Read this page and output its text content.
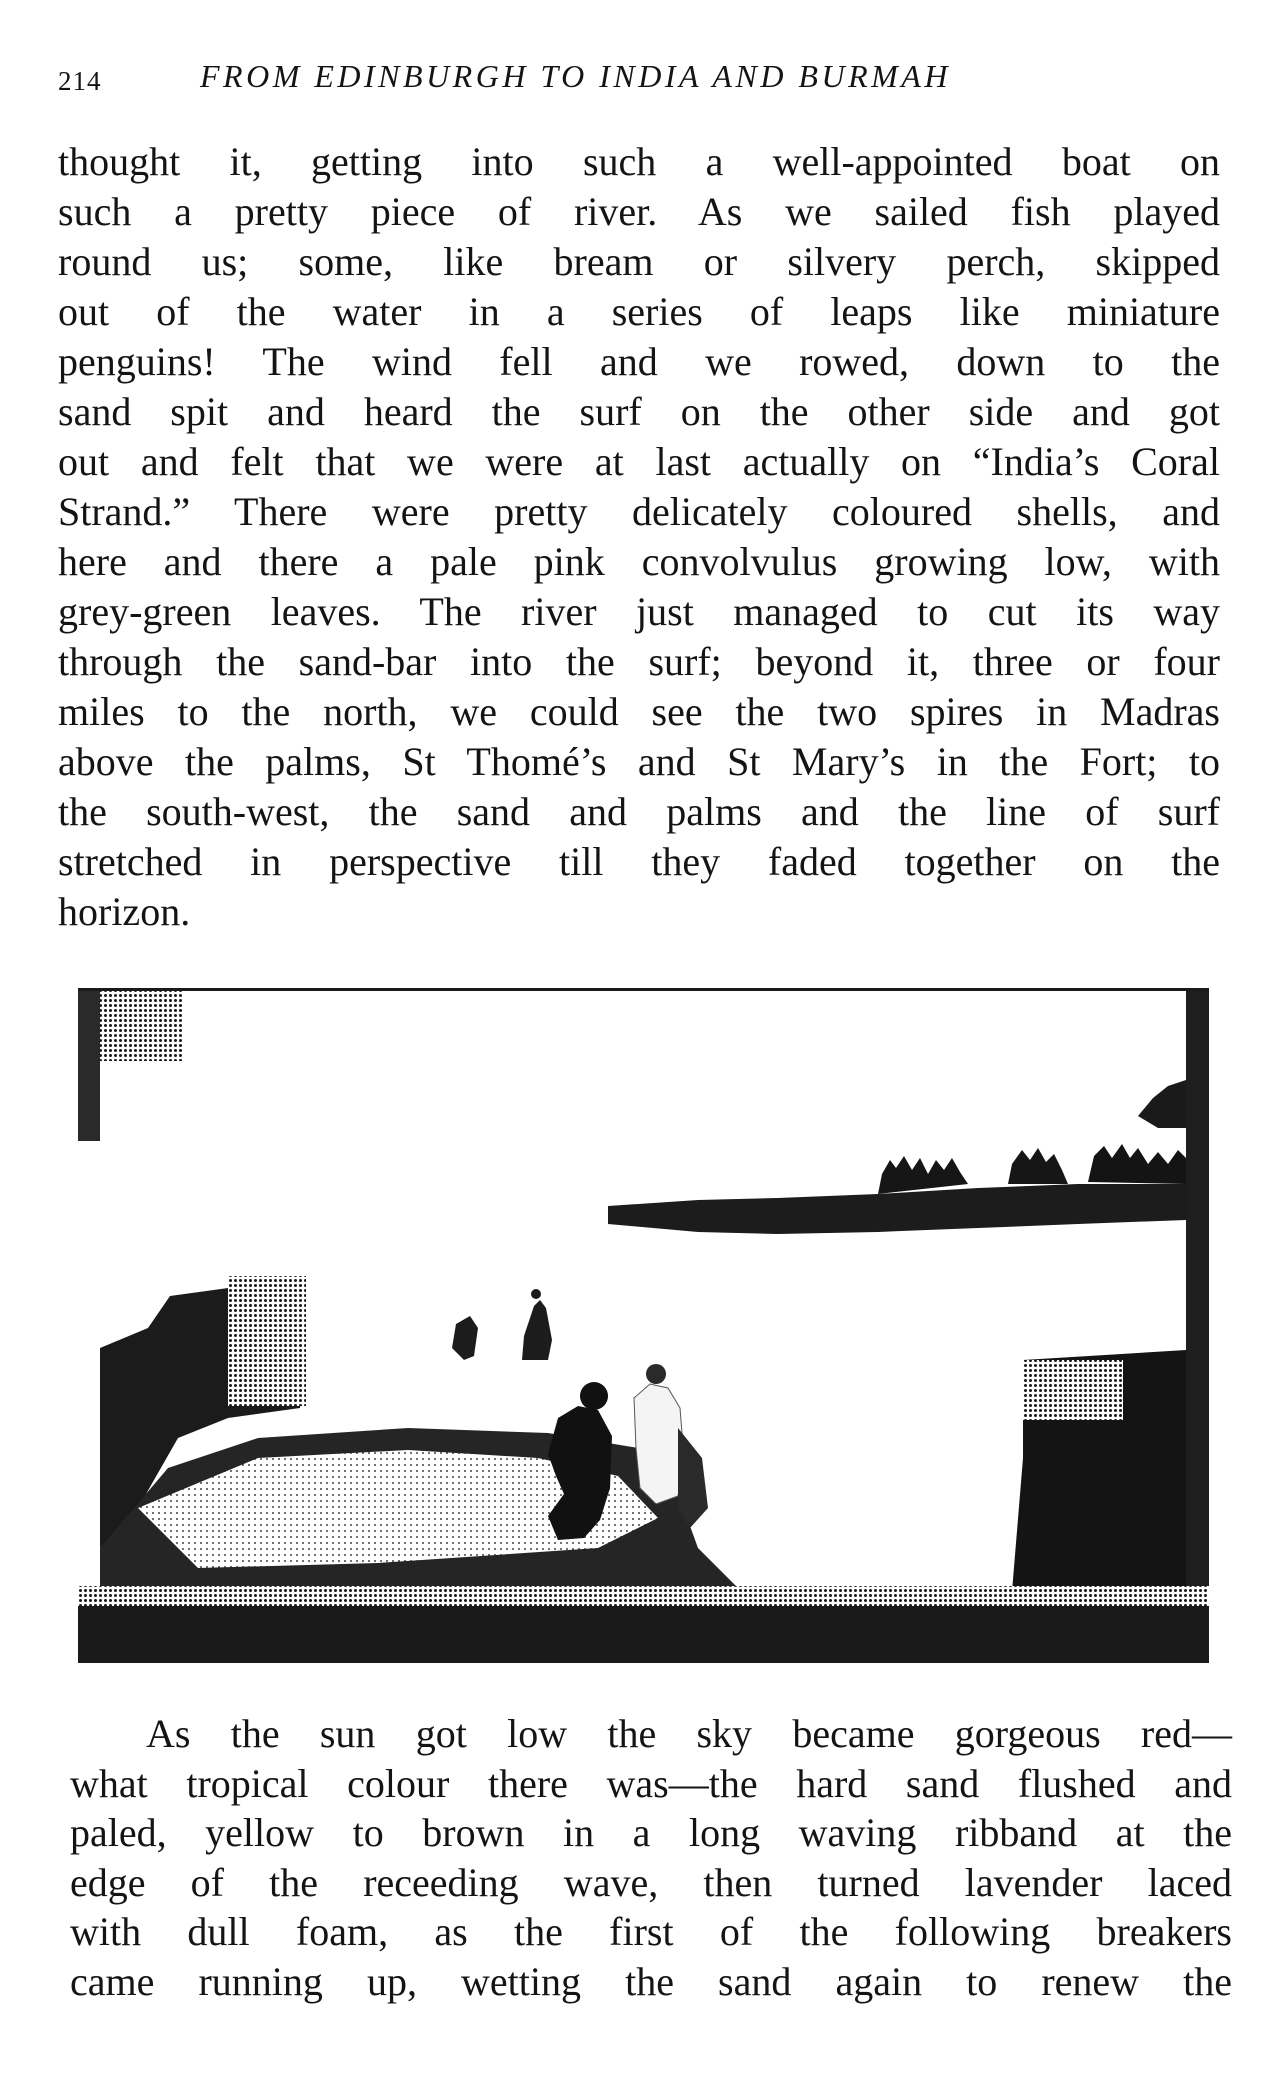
214	FROM EDINBURGH TO INDIA AND BURMAH
thought it, getting into such a well-appointed boat on
such a pretty piece of river. As we sailed fish played
round us; some, like bream or silvery perch, skipped
out of the water in a series of leaps like miniature
penguins! The wind fell and we rowed, down to the
sand spit and heard the surf on the other side and got
out and felt that we were at last actually on “India’s Coral
Strand.” There were pretty delicately coloured shells, and
here and there a pale pink convolvulus growing low, with
grey-green leaves. The river just managed to cut its way
through the sand-bar into the surf; beyond it, three or four
miles to the north, we could see the two spires in Madras
above the palms, St Thomé’s and St Mary’s in the Fort; to
the south-west, the sand and palms and the line of surf
stretched in perspective till they faded together on the
horizon.
As the sun got low the sky became gorgeous red—
what tropical colour there was—the hard sand flushed and
paled, yellow to brown in a long waving ribband at the
edge of the receeding wave, then turned lavender laced
with dull foam, as the first of the following breakers
came running up, wetting the sand again to renew the
